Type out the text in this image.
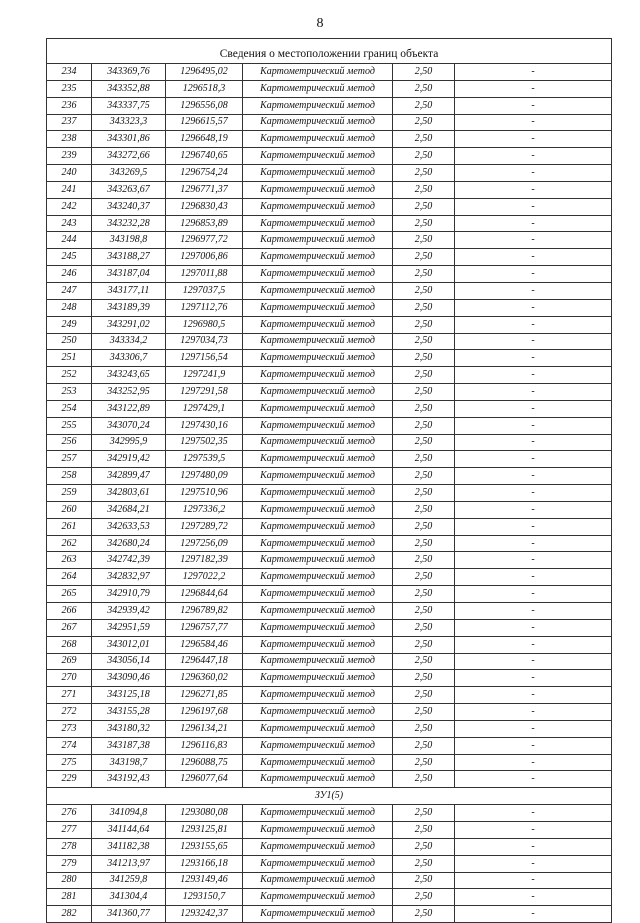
8

Сведения о местоположении границ объекта					
234	343369,76	1296495,02	Картометрический метод	2,50	-
235	343352,88	1296518,3	Картометрический метод	2,50	-
236	343337,75	1296556,08	Картометрический метод	2,50	-
237	343323,3	1296615,57	Картометрический метод	2,50	-
238	343301,86	1296648,19	Картометрический метод	2,50	-
239	343272,66	1296740,65	Картометрический метод	2,50	-
240	343269,5	1296754,24	Картометрический метод	2,50	-
241	343263,67	1296771,37	Картометрический метод	2,50	-
242	343240,37	1296830,43	Картометрический метод	2,50	-
243	343232,28	1296853,89	Картометрический метод	2,50	-
244	343198,8	1296977,72	Картометрический метод	2,50	-
245	343188,27	1297006,86	Картометрический метод	2,50	-
246	343187,04	1297011,88	Картометрический метод	2,50	-
247	343177,11	1297037,5	Картометрический метод	2,50	-
248	343189,39	1297112,76	Картометрический метод	2,50	-
249	343291,02	1296980,5	Картометрический метод	2,50	-
250	343334,2	1297034,73	Картометрический метод	2,50	-
251	343306,7	1297156,54	Картометрический метод	2,50	-
252	343243,65	1297241,9	Картометрический метод	2,50	-
253	343252,95	1297291,58	Картометрический метод	2,50	-
254	343122,89	1297429,1	Картометрический метод	2,50	-
255	343070,24	1297430,16	Картометрический метод	2,50	-
256	342995,9	1297502,35	Картометрический метод	2,50	-
257	342919,42	1297539,5	Картометрический метод	2,50	-
258	342899,47	1297480,09	Картометрический метод	2,50	-
259	342803,61	1297510,96	Картометрический метод	2,50	-
260	342684,21	1297336,2	Картометрический метод	2,50	-
261	342633,53	1297289,72	Картометрический метод	2,50	-
262	342680,24	1297256,09	Картометрический метод	2,50	-
263	342742,39	1297182,39	Картометрический метод	2,50	-
264	342832,97	1297022,2	Картометрический метод	2,50	-
265	342910,79	1296844,64	Картометрический метод	2,50	-
266	342939,42	1296789,82	Картометрический метод	2,50	-
267	342951,59	1296757,77	Картометрический метод	2,50	-
268	343012,01	1296584,46	Картометрический метод	2,50	-
269	343056,14	1296447,18	Картометрический метод	2,50	-
270	343090,46	1296360,02	Картометрический метод	2,50	-
271	343125,18	1296271,85	Картометрический метод	2,50	-
272	343155,28	1296197,68	Картометрический метод	2,50	-
273	343180,32	1296134,21	Картометрический метод	2,50	-
274	343187,38	1296116,83	Картометрический метод	2,50	-
275	343198,7	1296088,75	Картометрический метод	2,50	-
229	343192,43	1296077,64	Картометрический метод	2,50	-
ЗУ1(5)					
276	341094,8	1293080,08	Картометрический метод	2,50	-
277	341144,64	1293125,81	Картометрический метод	2,50	-
278	341182,38	1293155,65	Картометрический метод	2,50	-
279	341213,97	1293166,18	Картометрический метод	2,50	-
280	341259,8	1293149,46	Картометрический метод	2,50	-
281	341304,4	1293150,7	Картометрический метод	2,50	-
282	341360,77	1293242,37	Картометрический метод	2,50	-
